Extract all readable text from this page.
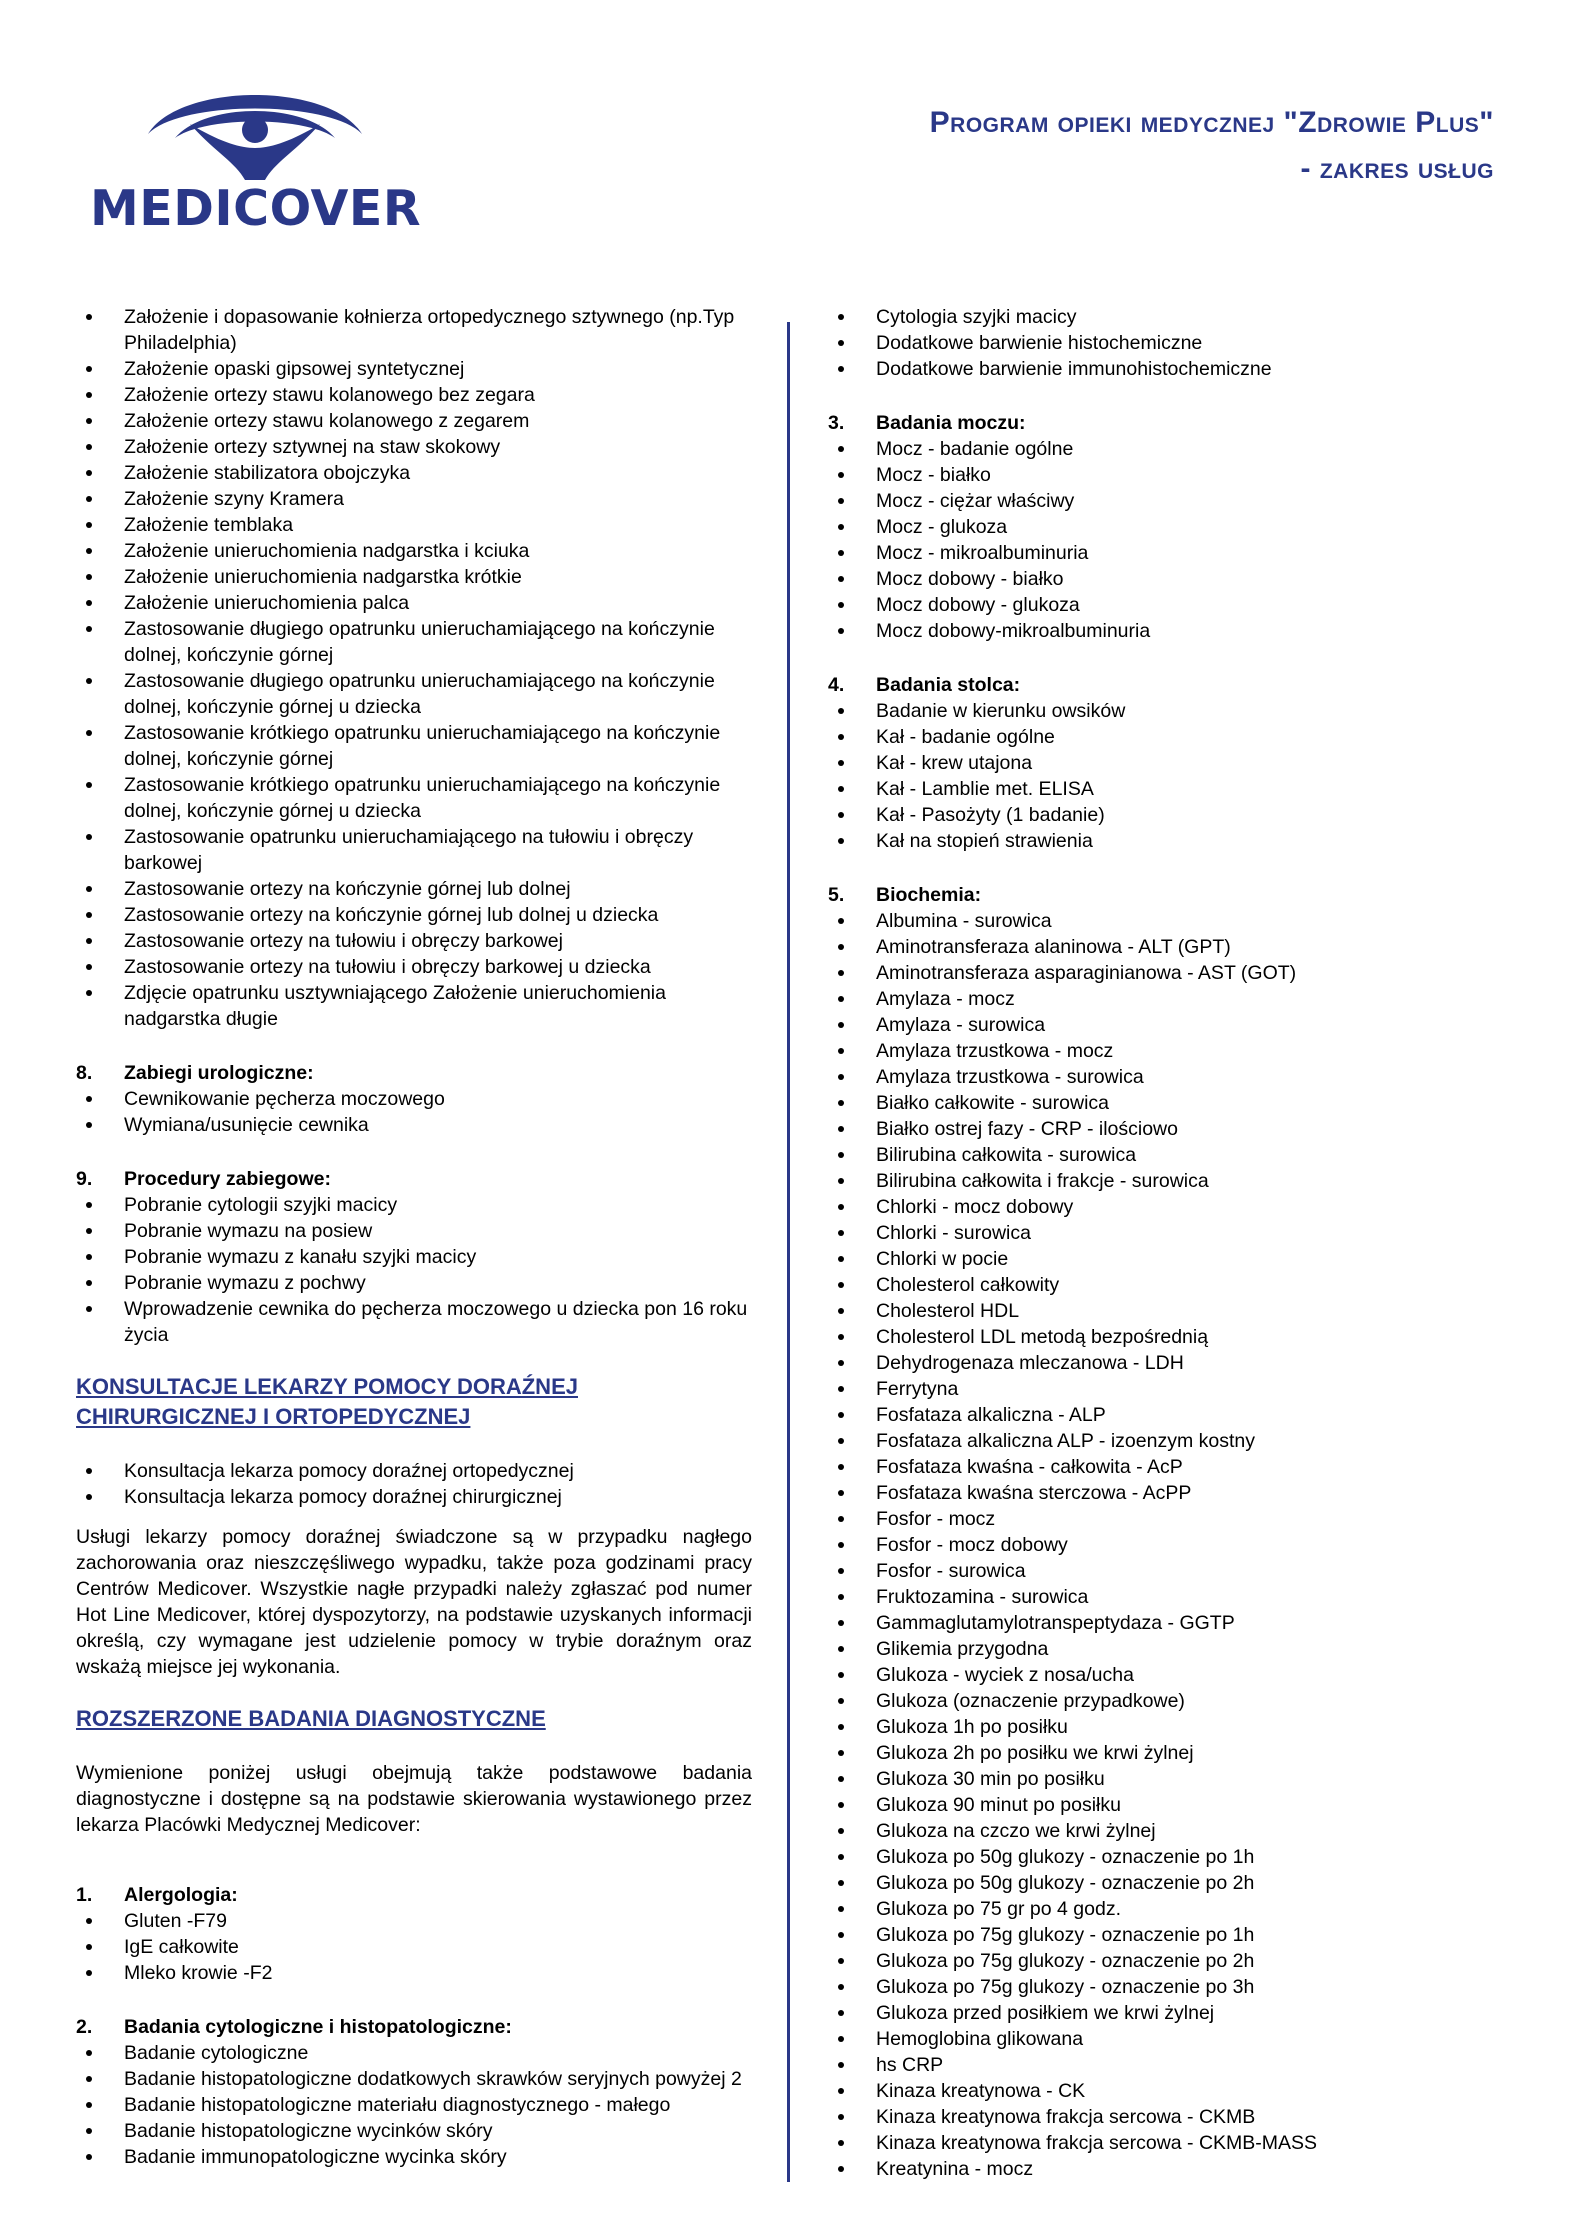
MEDICOVER
Program opieki medycznej "Zdrowie Plus"
- zakres usług
Założenie i dopasowanie kołnierza ortopedycznego sztywnego (np.Typ Philadelphia)
Założenie opaski gipsowej syntetycznej
Założenie ortezy stawu kolanowego bez zegara
Założenie ortezy stawu kolanowego z zegarem
Założenie ortezy sztywnej na staw skokowy
Założenie stabilizatora obojczyka
Założenie szyny Kramera
Założenie temblaka
Założenie unieruchomienia nadgarstka i kciuka
Założenie unieruchomienia nadgarstka krótkie
Założenie unieruchomienia palca
Zastosowanie długiego opatrunku unieruchamiającego na kończynie dolnej, kończynie górnej
Zastosowanie długiego opatrunku unieruchamiającego na kończynie dolnej, kończynie górnej u dziecka
Zastosowanie krótkiego opatrunku unieruchamiającego na kończynie dolnej, kończynie górnej
Zastosowanie krótkiego opatrunku unieruchamiającego na kończynie dolnej, kończynie górnej u dziecka
Zastosowanie opatrunku unieruchamiającego na tułowiu i obręczy barkowej
Zastosowanie ortezy na kończynie górnej lub dolnej
Zastosowanie ortezy na kończynie górnej lub dolnej u dziecka
Zastosowanie ortezy na tułowiu i obręczy barkowej
Zastosowanie ortezy na tułowiu i obręczy barkowej u dziecka
Zdjęcie opatrunku usztywniającego Założenie unieruchomienia nadgarstka długie
8. Zabiegi urologiczne:
Cewnikowanie pęcherza moczowego
Wymiana/usunięcie cewnika
9. Procedury zabiegowe:
Pobranie cytologii szyjki macicy
Pobranie wymazu na posiew
Pobranie wymazu z kanału szyjki macicy
Pobranie wymazu z pochwy
Wprowadzenie cewnika do pęcherza moczowego u dziecka pon 16 roku życia
KONSULTACJE LEKARZY POMOCY DORAŹNEJ CHIRURGICZNEJ I ORTOPEDYCZNEJ
Konsultacja lekarza pomocy doraźnej ortopedycznej
Konsultacja lekarza pomocy doraźnej chirurgicznej

Usługi lekarzy pomocy doraźnej świadczone są w przypadku nagłego zachorowania oraz nieszczęśliwego wypadku, także poza godzinami pracy Centrów Medicover. Wszystkie nagłe przypadki należy zgłaszać pod numer Hot Line Medicover, której dyspozytorzy, na podstawie uzyskanych informacji określą, czy wymagane jest udzielenie pomocy w trybie doraźnym oraz wskażą miejsce jej wykonania.

ROZSZERZONE BADANIA DIAGNOSTYCZNE

Wymienione poniżej usługi obejmują także podstawowe badania diagnostyczne i dostępne są na podstawie skierowania wystawionego przez lekarza Placówki Medycznej Medicover:

1. Alergologia:
Gluten -F79
IgE całkowite
Mleko krowie -F2
2. Badania cytologiczne i histopatologiczne:
Badanie cytologiczne
Badanie histopatologiczne dodatkowych skrawków seryjnych powyżej 2
Badanie histopatologiczne materiału diagnostycznego - małego
Badanie histopatologiczne wycinków skóry
Badanie immunopatologiczne wycinka skóry
Cytologia szyjki macicy
Dodatkowe barwienie histochemiczne
Dodatkowe barwienie immunohistochemiczne
3. Badania moczu:
Mocz - badanie ogólne
Mocz - białko
Mocz - ciężar właściwy
Mocz - glukoza
Mocz - mikroalbuminuria
Mocz dobowy - białko
Mocz dobowy - glukoza
Mocz dobowy-mikroalbuminuria
4. Badania stolca:
Badanie w kierunku owsików
Kał - badanie ogólne
Kał - krew utajona
Kał - Lamblie met. ELISA
Kał - Pasożyty (1 badanie)
Kał na stopień strawienia
5. Biochemia:
Albumina - surowica
Aminotransferaza alaninowa - ALT (GPT)
Aminotransferaza asparaginianowa - AST (GOT)
Amylaza - mocz
Amylaza - surowica
Amylaza trzustkowa - mocz
Amylaza trzustkowa - surowica
Białko całkowite - surowica
Białko ostrej fazy - CRP - ilościowo
Bilirubina całkowita - surowica
Bilirubina całkowita i frakcje - surowica
Chlorki - mocz dobowy
Chlorki - surowica
Chlorki w pocie
Cholesterol całkowity
Cholesterol HDL
Cholesterol LDL metodą bezpośrednią
Dehydrogenaza mleczanowa - LDH
Ferrytyna
Fosfataza alkaliczna - ALP
Fosfataza alkaliczna ALP - izoenzym kostny
Fosfataza kwaśna - całkowita - AcP
Fosfataza kwaśna sterczowa - AcPP
Fosfor - mocz
Fosfor - mocz dobowy
Fosfor - surowica
Fruktozamina - surowica
Gammaglutamylotranspeptydaza - GGTP
Glikemia przygodna
Glukoza - wyciek z nosa/ucha
Glukoza (oznaczenie przypadkowe)
Glukoza 1h po posiłku
Glukoza 2h po posiłku we krwi żylnej
Glukoza 30 min po posiłku
Glukoza 90 minut po posiłku
Glukoza na czczo we krwi żylnej
Glukoza po 50g glukozy - oznaczenie po 1h
Glukoza po 50g glukozy - oznaczenie po 2h
Glukoza po 75 gr po 4 godz.
Glukoza po 75g glukozy - oznaczenie po 1h
Glukoza po 75g glukozy - oznaczenie po 2h
Glukoza po 75g glukozy - oznaczenie po 3h
Glukoza przed posiłkiem we krwi żylnej
Hemoglobina glikowana
hs CRP
Kinaza kreatynowa - CK
Kinaza kreatynowa frakcja sercowa - CKMB
Kinaza kreatynowa frakcja sercowa - CKMB-MASS
Kreatynina - mocz
